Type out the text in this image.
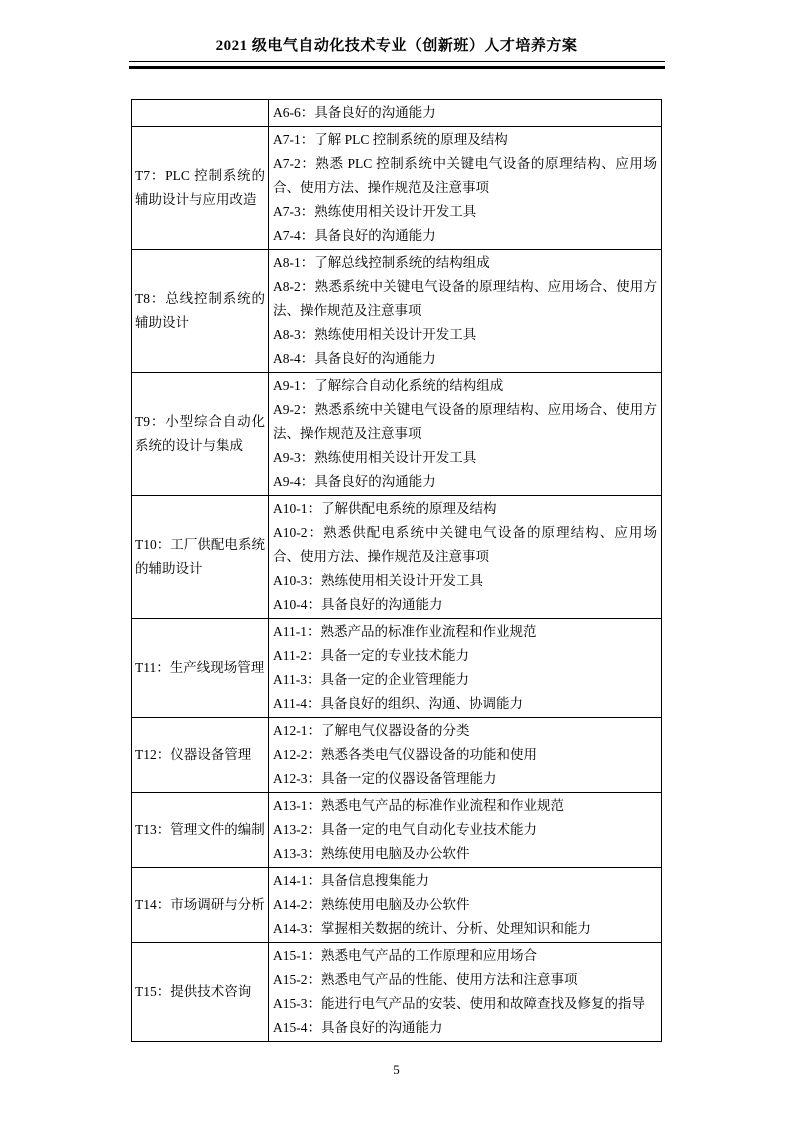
2021 级电气自动化技术专业（创新班）人才培养方案

	A6-6：具备良好的沟通能力

T7：PLC 控制系统的辅助设计与应用改造	A7-1：了解 PLC 控制系统的原理及结构
A7-2：熟悉 PLC 控制系统中关键电气设备的原理结构、应用场合、使用方法、操作规范及注意事项
A7-3：熟练使用相关设计开发工具
A7-4：具备良好的沟通能力

T8：总线控制系统的辅助设计	A8-1：了解总线控制系统的结构组成
A8-2：熟悉系统中关键电气设备的原理结构、应用场合、使用方法、操作规范及注意事项
A8-3：熟练使用相关设计开发工具
A8-4：具备良好的沟通能力

T9：小型综合自动化系统的设计与集成	A9-1：了解综合自动化系统的结构组成
A9-2：熟悉系统中关键电气设备的原理结构、应用场合、使用方法、操作规范及注意事项
A9-3：熟练使用相关设计开发工具
A9-4：具备良好的沟通能力

T10：工厂供配电系统的辅助设计	A10-1：了解供配电系统的原理及结构
A10-2：熟悉供配电系统中关键电气设备的原理结构、应用场合、使用方法、操作规范及注意事项
A10-3：熟练使用相关设计开发工具
A10-4：具备良好的沟通能力

T11：生产线现场管理	A11-1：熟悉产品的标准作业流程和作业规范
A11-2：具备一定的专业技术能力
A11-3：具备一定的企业管理能力
A11-4：具备良好的组织、沟通、协调能力

T12：仪器设备管理	A12-1：了解电气仪器设备的分类
A12-2：熟悉各类电气仪器设备的功能和使用
A12-3：具备一定的仪器设备管理能力

T13：管理文件的编制	A13-1：熟悉电气产品的标准作业流程和作业规范
A13-2：具备一定的电气自动化专业技术能力
A13-3：熟练使用电脑及办公软件

T14：市场调研与分析	A14-1：具备信息搜集能力
A14-2：熟练使用电脑及办公软件
A14-3：掌握相关数据的统计、分析、处理知识和能力

T15：提供技术咨询	A15-1：熟悉电气产品的工作原理和应用场合
A15-2：熟悉电气产品的性能、使用方法和注意事项
A15-3：能进行电气产品的安装、使用和故障查找及修复的指导
A15-4：具备良好的沟通能力
5
